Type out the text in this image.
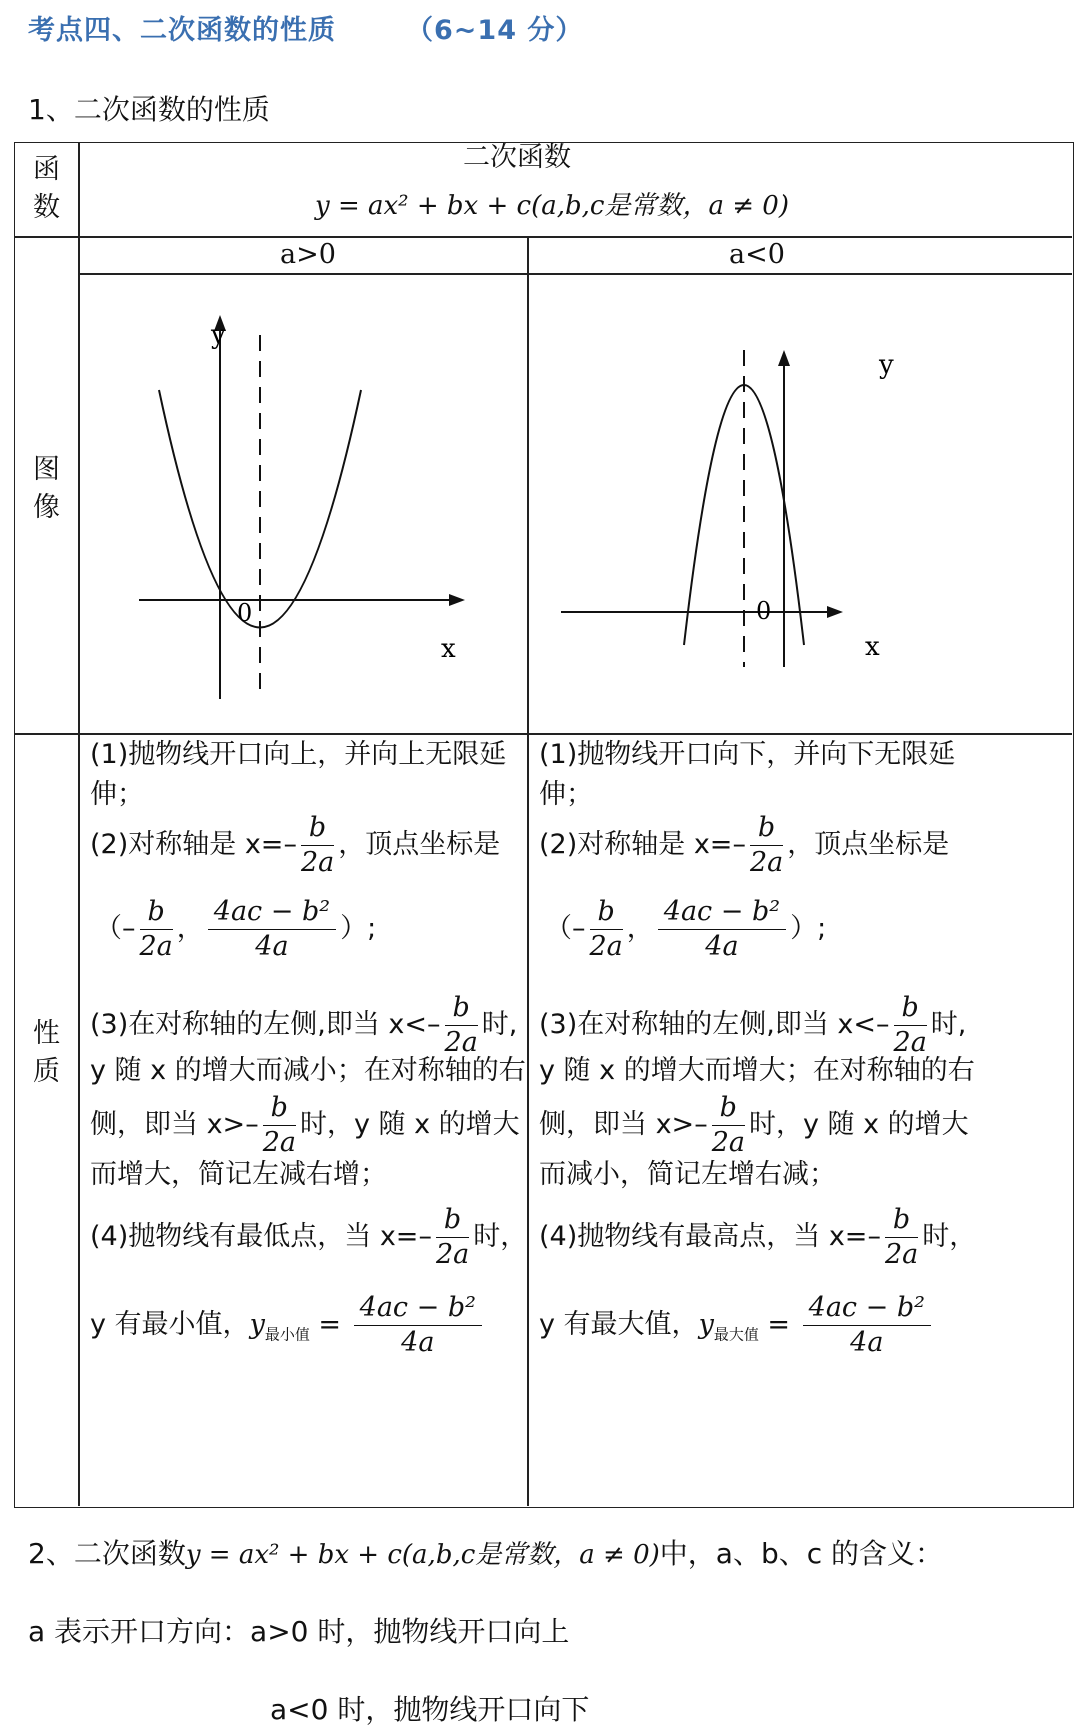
考点四、二次函数的性质	（6~14 分）
1、二次函数的性质
函数
二次函数
y = ax² + bx + c(a,b,c是常数，a ≠ 0)
图像
a>0	a<0
y
0
x
y
0
x
性质
(1)抛物线开口向上，并向上无限延伸；
(2)对称轴是 $x=- \frac{b}{2a}$ ，顶点坐标是
（– $\frac{b}{2a}$ ， $\frac{\text{4ac − b²}}{4a}$ ）;
(3)在对称轴的左侧,即当 $x<- \frac{b}{2a}$ 时,
y 随 x 的增大而减小；在对称轴的右
侧，即当 $x>- \frac{b}{2a}$ 时，y 随 x 的增大
而增大，简记左减右增；
(4)抛物线有最低点，当 $x=- \frac{b}{2a}$ 时，
y 有最小值，$y_{最小值} = \frac{\text{4ac − b²}}{4a}$
(1)抛物线开口向下，并向下无限延伸；
(2)对称轴是 $x=- \frac{b}{2a}$ ，顶点坐标是
（– $\frac{b}{2a}$ ， $\frac{\text{4ac − b²}}{4a}$ ）;
(3)在对称轴的左侧,即当 $x<- \frac{b}{2a}$ 时,
y 随 x 的增大而增大；在对称轴的右
侧，即当 $x>- \frac{b}{2a}$ 时，y 随 x 的增大
而减小，简记左增右减；
(4)抛物线有最高点，当 $x=- \frac{b}{2a}$ 时，
y 有最大值，$y_{最大值} = \frac{\text{4ac − b²}}{4a}$
2、二次函数y = ax² + bx + c(a,b,c是常数，a ≠ 0)中，a、b、c 的含义：
a 表示开口方向：a>0 时，抛物线开口向上
a<0 时，抛物线开口向下
